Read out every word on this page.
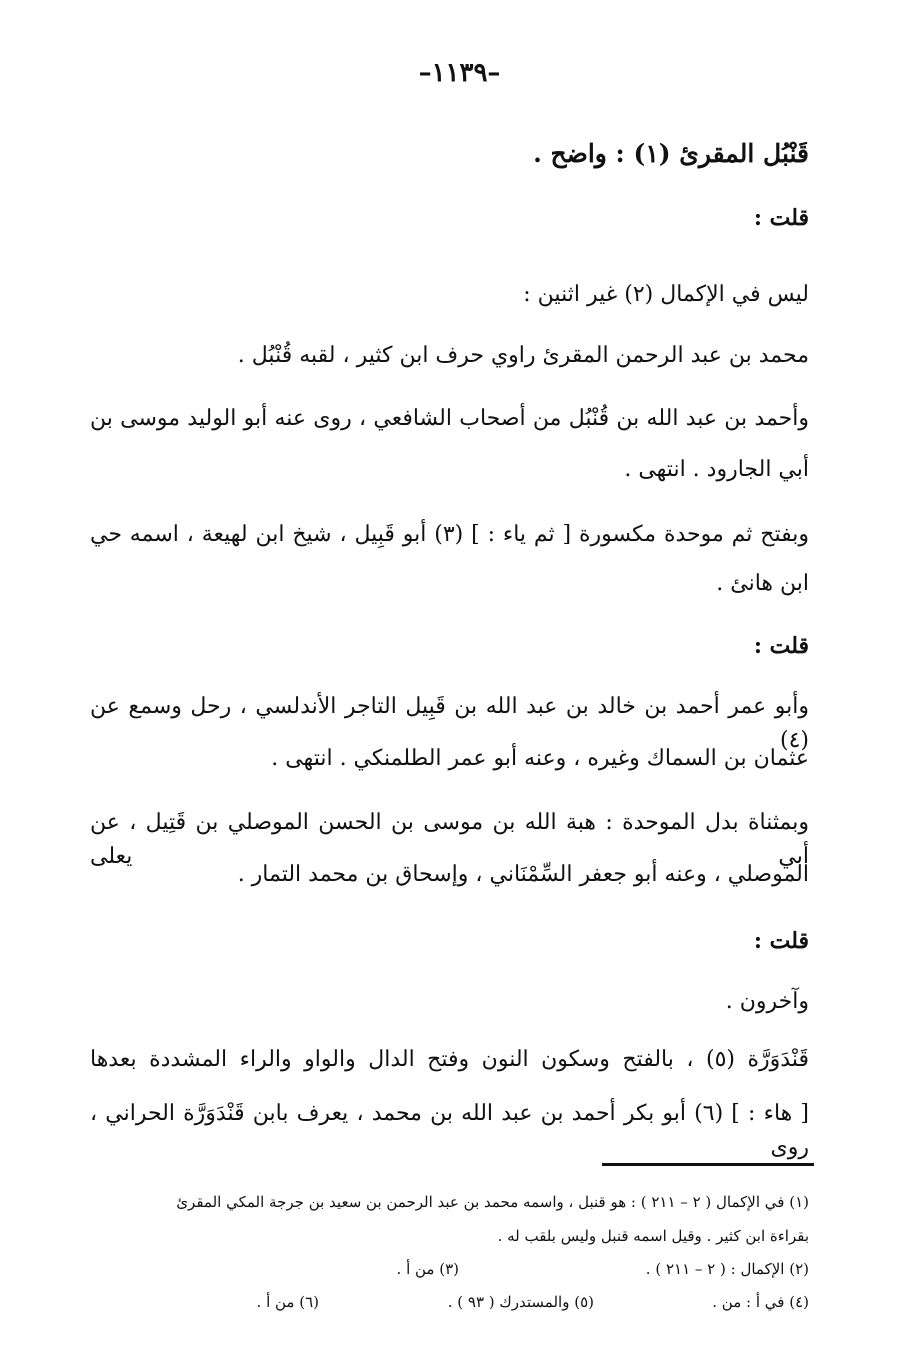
–١١٣٩–
قَنْبُل المقرئ (١) : واضح .
قلت :
ليس في الإكمال (٢) غير اثنين :
محمد بن عبد الرحمن المقرئ راوي حرف ابن كثير ، لقبه قُنْبُل .
وأحمد بن عبد الله بن قُنْبُل من أصحاب الشافعي ، روى عنه أبو الوليد موسى بن
أبي الجارود . انتهى .
وبفتح ثم موحدة مكسورة [ ثم ياء : ] (٣) أبو قَبِيل ، شيخ ابن لهيعة ، اسمه حي
ابن هانئ .
قلت :
وأبو عمر أحمد بن خالد بن عبد الله بن قَبِيل التاجر الأندلسي ، رحل وسمع عن (٤)
عثمان بن السماك وغيره ، وعنه أبو عمر الطلمنكي . انتهى .
وبمثناة بدل الموحدة : هبة الله بن موسى بن الحسن الموصلي بن قَتِيل ، عن أبي يعلى
الموصلي ، وعنه أبو جعفر السِّمْنَاني ، وإسحاق بن محمد التمار .
قلت :
وآخرون .
قَنْدَوَرَّة (٥) ، بالفتح وسكون النون وفتح الدال والواو والراء المشددة بعدها
[ هاء : ] (٦) أبو بكر أحمد بن عبد الله بن محمد ، يعرف بابن قَنْدَوَرَّة الحراني ، روى
(١) في الإكمال ( ٢ – ٢١١ ) : هو قنبل ، واسمه محمد بن عبد الرحمن بن سعيد بن جرجة المكي المقرئ
بقراءة ابن كثير . وقيل اسمه قنبل وليس بلقب له .
(٢) الإكمال : ( ٢ – ٢١١ ) .
(٣) من أ .
(٤) في أ : من .
(٥) والمستدرك ( ٩٣ ) .
(٦) من أ .
